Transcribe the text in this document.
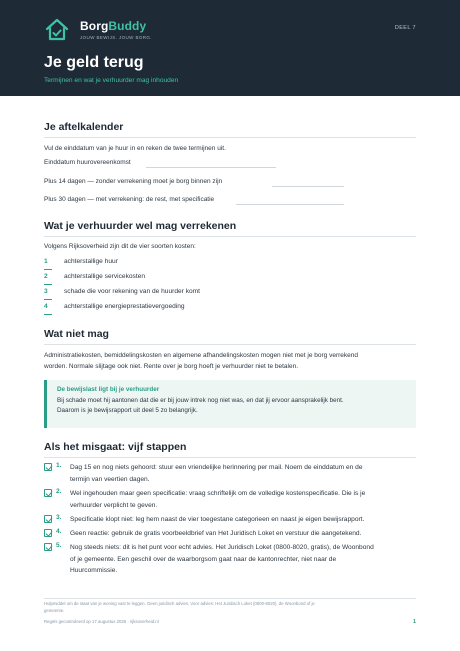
BorgBuddy
JOUW BEWIJS. JOUW BORG.
DEEL 7
Je geld terug
Termijnen en wat je verhuurder mag inhouden
Je aftelkalender
Vul de einddatum van je huur in en reken de twee termijnen uit.
Einddatum huurovereenkomst
Plus 14 dagen — zonder verrekening moet je borg binnen zijn
Plus 30 dagen — met verrekening: de rest, met specificatie
Wat je verhuurder wel mag verrekenen
Volgens Rijksoverheid zijn dit de vier soorten kosten:
1	achterstallige huur
2	achterstallige servicekosten
3	schade die voor rekening van de huurder komt
4	achterstallige energieprestatievergoeding
Wat niet mag
Administratiekosten, bemiddelingskosten en algemene afhandelingskosten mogen niet met je borg verrekend
worden. Normale slijtage ook niet. Rente over je borg hoeft je verhuurder niet te betalen.
De bewijslast ligt bij je verhuurder
Bij schade moet hij aantonen dat die er bij jouw intrek nog niet was, en dat jij ervoor aansprakelijk bent.
Daarom is je bewijsrapport uit deel 5 zo belangrijk.
Als het misgaat: vijf stappen
1. Dag 15 en nog niets gehoord: stuur een vriendelijke herinnering per mail. Noem de einddatum en de
termijn van veertien dagen.
2. Wel ingehouden maar geen specificatie: vraag schriftelijk om de volledige kostenspecificatie. Die is je
verhuurder verplicht te geven.
3. Specificatie klopt niet: leg hem naast de vier toegestane categorieen en naast je eigen bewijsrapport.
4. Geen reactie: gebruik de gratis voorbeeldbrief van Het Juridisch Loket en verstuur die aangetekend.
5. Nog steeds niets: dit is het punt voor echt advies. Het Juridisch Loket (0800-8020, gratis), de Woonbond
of je gemeente. Een geschil over de waarborgsom gaat naar de kantonrechter, niet naar de
Huurcommissie.
Hulpmiddel om de staat van je woning vast te leggen. Geen juridisch advies. Voor advies: Het Juridisch Loket (0800-8020), de Woonbond of je
gemeente.
Regels gecontroleerd op 17 augustus 2026 · rijksoverheid.nl	1
